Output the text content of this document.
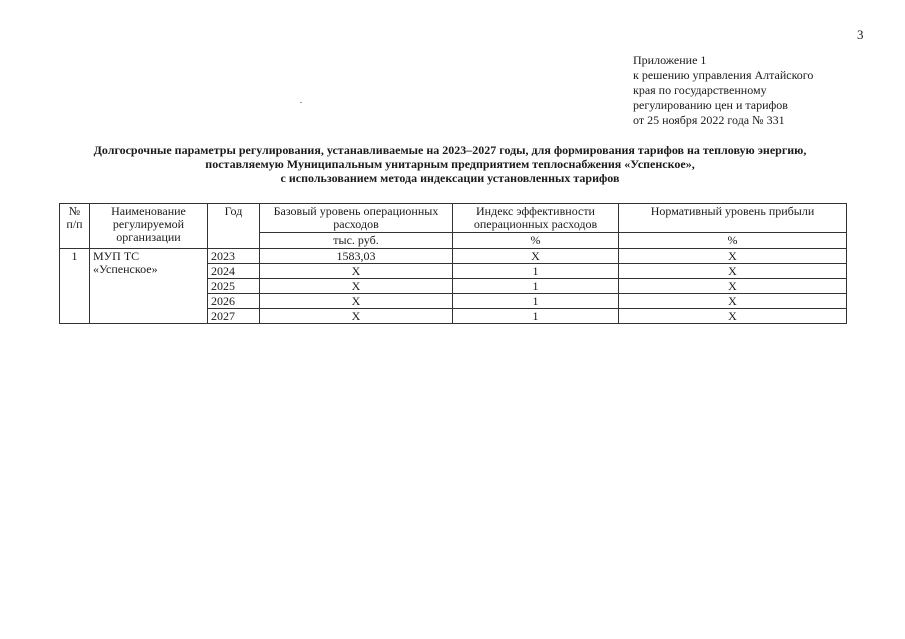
3
Приложение 1
к решению управления Алтайского
края по государственному
регулированию цен и тарифов
от 25 ноября 2022 года № 331
Долгосрочные параметры регулирования, устанавливаемые на 2023–2027 годы, для формирования тарифов на тепловую энергию,
поставляемую Муниципальным унитарным предприятием теплоснабжения «Успенское»,
с использованием метода индексации установленных тарифов
№ п/п	Наименование регулируемой организации	Год	Базовый уровень операционных расходов	Индекс эффективности операционных расходов	Нормативный уровень прибыли
			тыс. руб.	%	%
1	МУП ТС «Успенское»	2023	1583,03	Х	Х
		2024	Х	1	Х
		2025	Х	1	Х
		2026	Х	1	Х
		2027	Х	1	Х
